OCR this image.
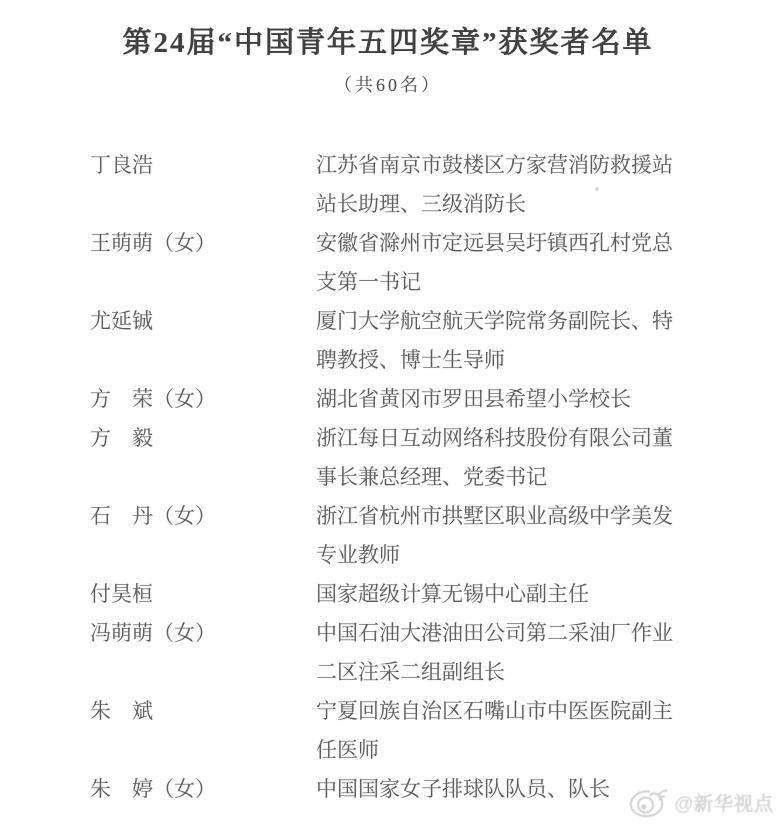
第24届“中国青年五四奖章”获奖者名单
（共60名）
丁良浩	江苏省南京市鼓楼区方家营消防救援站
站长助理、三级消防长
王萌萌（女）	安徽省滁州市定远县吴圩镇西孔村党总
支第一书记
尤延铖	厦门大学航空航天学院常务副院长、特
聘教授、博士生导师
方　荣（女）	湖北省黄冈市罗田县希望小学校长
方　毅	浙江每日互动网络科技股份有限公司董
事长兼总经理、党委书记
石　丹（女）	浙江省杭州市拱墅区职业高级中学美发
专业教师
付昊桓	国家超级计算无锡中心副主任
冯萌萌（女）	中国石油大港油田公司第二采油厂作业
二区注采二组副组长
朱　斌	宁夏回族自治区石嘴山市中医医院副主
任医师
朱　婷（女）	中国国家女子排球队队员、队长
@新华视点
